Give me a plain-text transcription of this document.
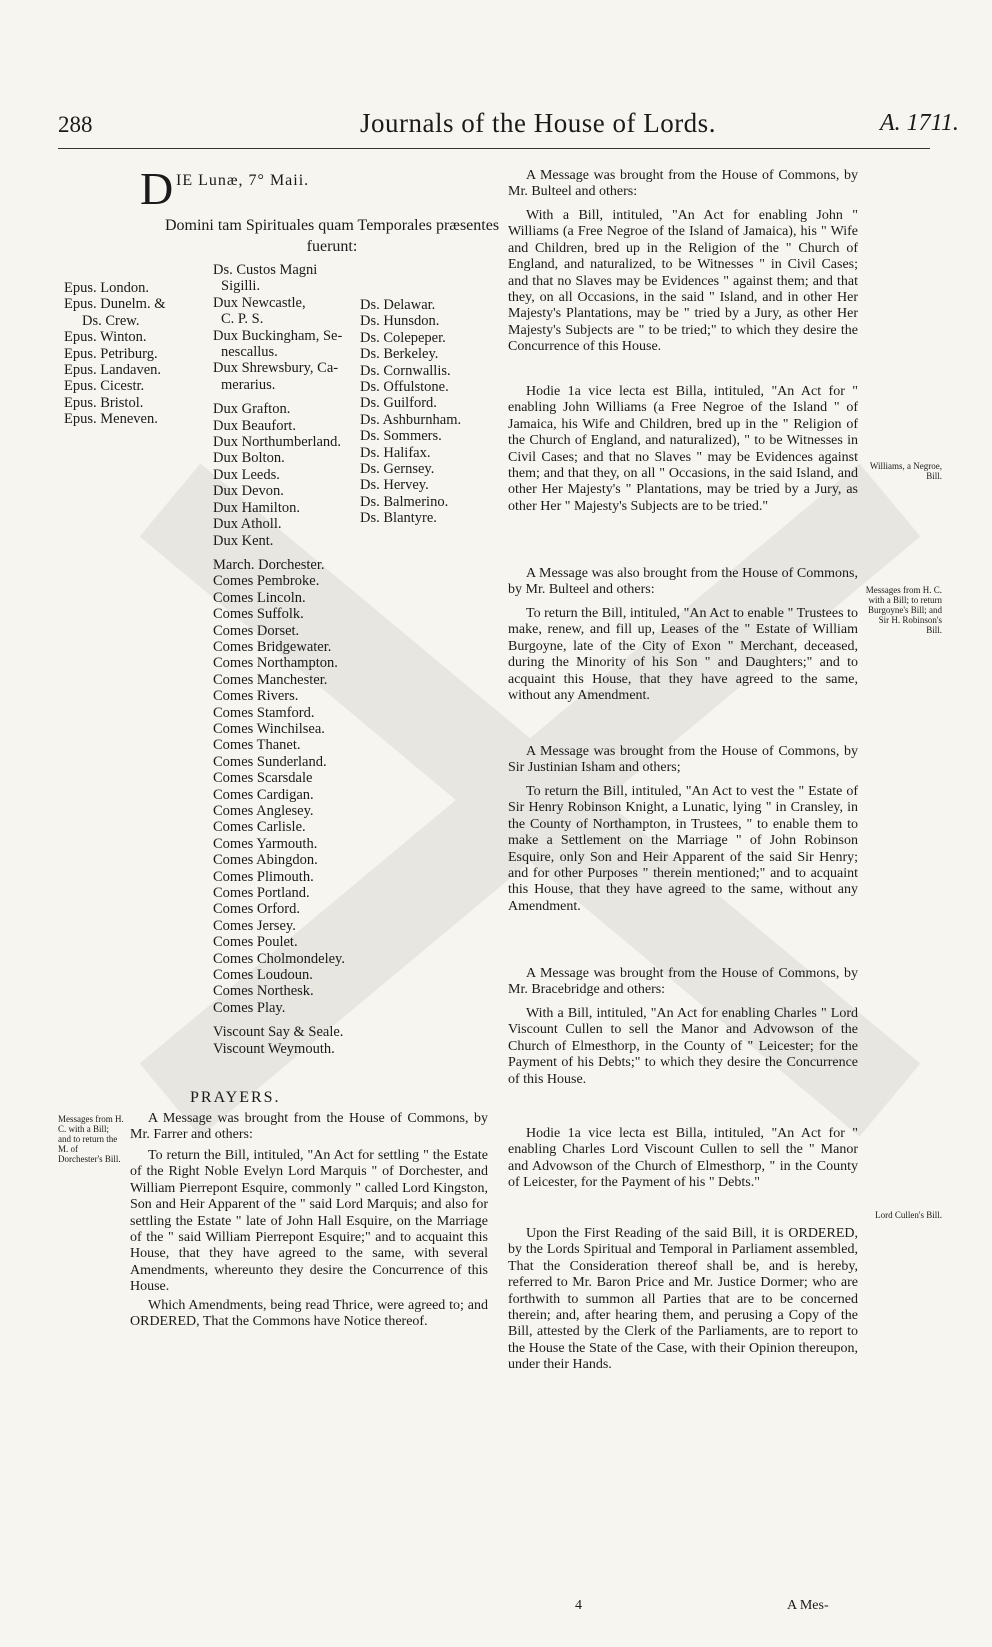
288	Journals of the House of Lords.	A. 1711.
D IE Lunæ, 7° Maii.
Domini tam Spirituales quam Temporales præsentes fuerunt:
Epus. London.
Epus. Dunelm. &
Ds. Crew.
Epus. Winton.
Epus. Petriburg.
Epus. Landaven.
Epus. Cicestr.
Epus. Bristol.
Epus. Meneven.
Ds. Custos Magni
Sigilli.
Dux Newcastle,
C. P. S.
Dux Buckingham, Se-
nescallus.
Dux Shrewsbury, Ca-
merarius.
Dux Grafton.
Dux Beaufort.
Dux Northumberland.
Dux Bolton.
Dux Leeds.
Dux Devon.
Dux Hamilton.
Dux Atholl.
Dux Kent.
March. Dorchester.
Comes Pembroke.
Comes Lincoln.
Comes Suffolk.
Comes Dorset.
Comes Bridgewater.
Comes Northampton.
Comes Manchester.
Comes Rivers.
Comes Stamford.
Comes Winchilsea.
Comes Thanet.
Comes Sunderland.
Comes Scarsdale
Comes Cardigan.
Comes Anglesey.
Comes Carlisle.
Comes Yarmouth.
Comes Abingdon.
Comes Plimouth.
Comes Portland.
Comes Orford.
Comes Jersey.
Comes Poulet.
Comes Cholmondeley.
Comes Loudoun.
Comes Northesk.
Comes Play.
Viscount Say & Seale.
Viscount Weymouth.
Ds. Delawar.
Ds. Hunsdon.
Ds. Colepeper.
Ds. Berkeley.
Ds. Cornwallis.
Ds. Offulstone.
Ds. Guilford.
Ds. Ashburnham.
Ds. Sommers.
Ds. Halifax.
Ds. Gernsey.
Ds. Hervey.
Ds. Balmerino.
Ds. Blantyre.
PRAYERS.
Messages from H. C. with a Bill; and to return the M. of Dorchester's Bill.
Williams, a Negroe, Bill.
Messages from H. C. with a Bill; to return Burgoyne's Bill; and Sir H. Robinson's Bill.
Lord Cullen's Bill.

A Message was brought from the House of Commons, by Mr. Farrer and others:

To return the Bill, intituled, "An Act for settling " the Estate of the Right Noble Evelyn Lord Marquis " of Dorchester, and William Pierrepont Esquire, commonly " called Lord Kingston, Son and Heir Apparent of the " said Lord Marquis; and also for settling the Estate " late of John Hall Esquire, on the Marriage of the " said William Pierrepont Esquire;" and to acquaint this House, that they have agreed to the same, with several Amendments, whereunto they desire the Concurrence of this House.

Which Amendments, being read Thrice, were agreed to; and ORDERED, That the Commons have Notice thereof.

A Message was brought from the House of Commons, by Mr. Bulteel and others:

With a Bill, intituled, "An Act for enabling John " Williams (a Free Negroe of the Island of Jamaica), his " Wife and Children, bred up in the Religion of the " Church of England, and naturalized, to be Witnesses " in Civil Cases; and that no Slaves may be Evidences " against them; and that they, on all Occasions, in the said " Island, and in other Her Majesty's Plantations, may be " tried by a Jury, as other Her Majesty's Subjects are " to be tried;" to which they desire the Concurrence of this House.

Hodie 1a vice lecta est Billa, intituled, "An Act for " enabling John Williams (a Free Negroe of the Island " of Jamaica, his Wife and Children, bred up in the " Religion of the Church of England, and naturalized), " to be Witnesses in Civil Cases; and that no Slaves " may be Evidences against them; and that they, on all " Occasions, in the said Island, and other Her Majesty's " Plantations, may be tried by a Jury, as other Her " Majesty's Subjects are to be tried."

A Message was also brought from the House of Commons, by Mr. Bulteel and others:

To return the Bill, intituled, "An Act to enable " Trustees to make, renew, and fill up, Leases of the " Estate of William Burgoyne, late of the City of Exon " Merchant, deceased, during the Minority of his Son " and Daughters;" and to acquaint this House, that they have agreed to the same, without any Amendment.

A Message was brought from the House of Commons, by Sir Justinian Isham and others;

To return the Bill, intituled, "An Act to vest the " Estate of Sir Henry Robinson Knight, a Lunatic, lying " in Cransley, in the County of Northampton, in Trustees, " to enable them to make a Settlement on the Marriage " of John Robinson Esquire, only Son and Heir Apparent of the said Sir Henry; and for other Purposes " therein mentioned;" and to acquaint this House, that they have agreed to the same, without any Amendment.

A Message was brought from the House of Commons, by Mr. Bracebridge and others:

With a Bill, intituled, "An Act for enabling Charles " Lord Viscount Cullen to sell the Manor and Advowson of the Church of Elmesthorp, in the County of " Leicester; for the Payment of his Debts;" to which they desire the Concurrence of this House.

Hodie 1a vice lecta est Billa, intituled, "An Act for " enabling Charles Lord Viscount Cullen to sell the " Manor and Advowson of the Church of Elmesthorp, " in the County of Leicester, for the Payment of his " Debts."

Upon the First Reading of the said Bill, it is ORDERED, by the Lords Spiritual and Temporal in Parliament assembled, That the Consideration thereof shall be, and is hereby, referred to Mr. Baron Price and Mr. Justice Dormer; who are forthwith to summon all Parties that are to be concerned therein; and, after hearing them, and perusing a Copy of the Bill, attested by the Clerk of the Parliaments, are to report to the House the State of the Case, with their Opinion thereupon, under their Hands.

4	A Mes-
